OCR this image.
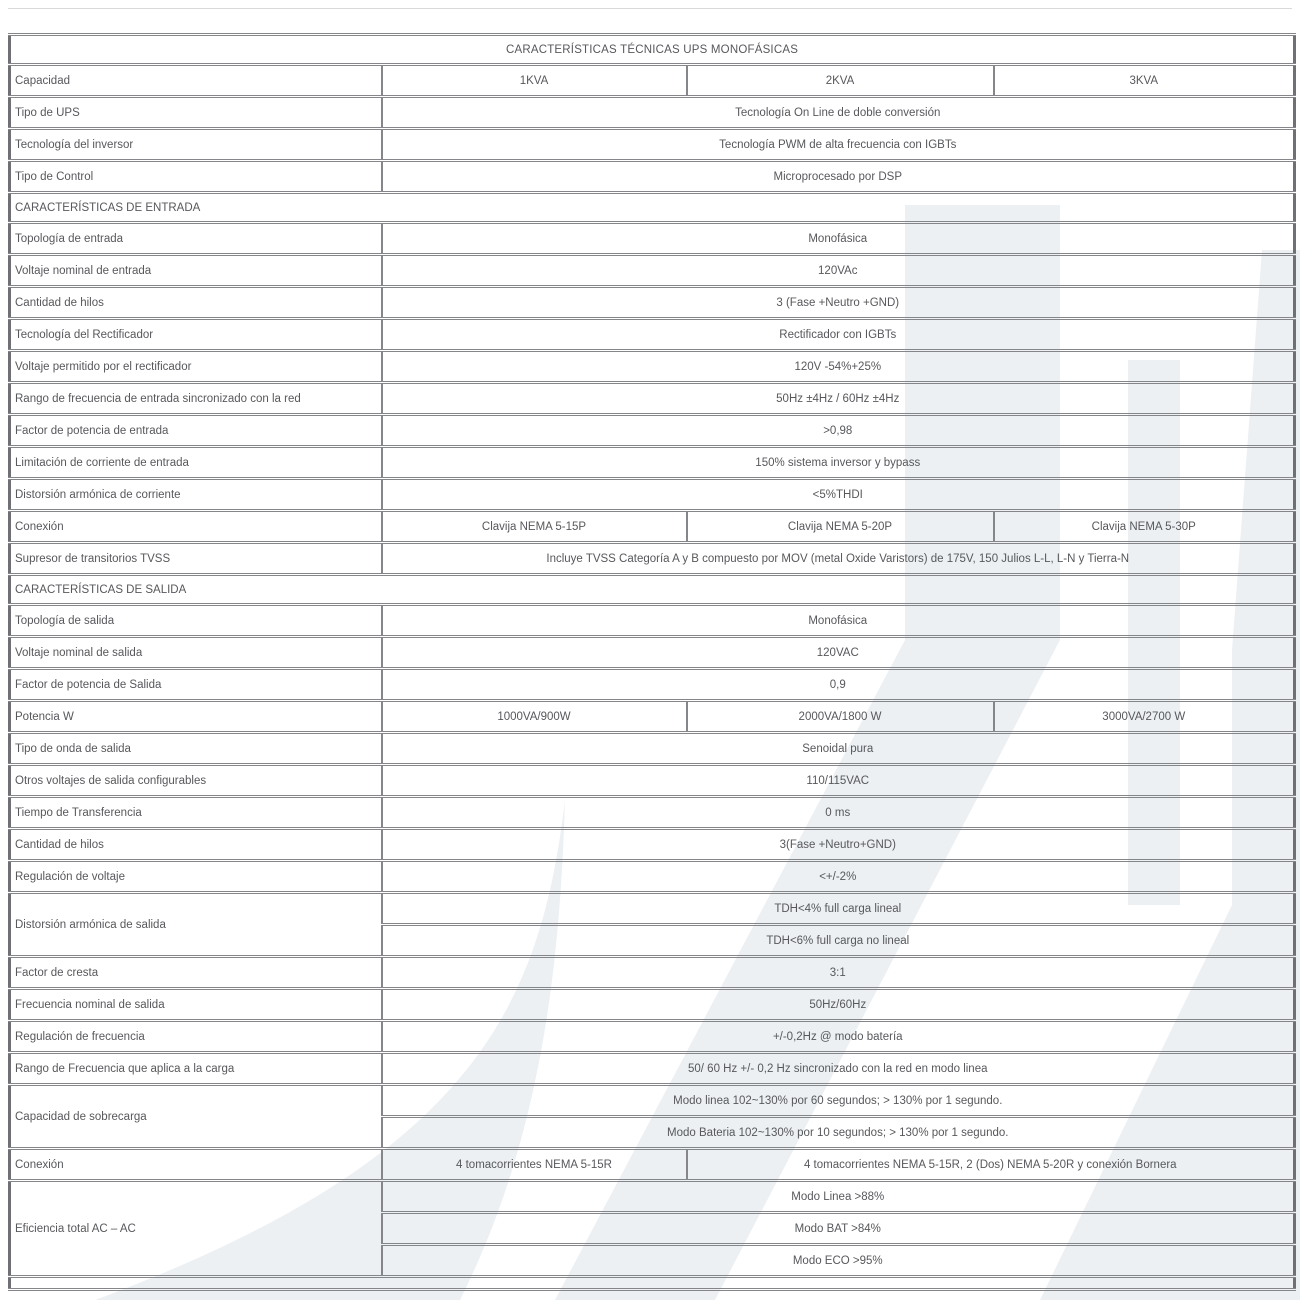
CARACTERÍSTICAS TÉCNICAS UPS MONOFÁSICAS			
Capacidad	1KVA	2KVA	3KVA
Tipo de UPS	Tecnología On Line de doble conversión		
Tecnología del inversor	Tecnología PWM de alta frecuencia con IGBTs		
Tipo de Control	Microprocesado por DSP		
CARACTERÍSTICAS DE ENTRADA			
Topología de entrada	Monofásica		
Voltaje nominal de entrada	120VAc		
Cantidad de hilos	3 (Fase +Neutro +GND)		
Tecnología del Rectificador	Rectificador con IGBTs		
Voltaje permitido por el rectificador	120V -54%+25%		
Rango de frecuencia de entrada sincronizado con la red	50Hz ±4Hz / 60Hz ±4Hz		
Factor de potencia de entrada	>0,98		
Limitación de corriente de entrada	150% sistema inversor y bypass		
Distorsión armónica de corriente	<5%THDI		
Conexión	Clavija NEMA 5-15P	Clavija NEMA 5-20P	Clavija NEMA 5-30P
Supresor de transitorios TVSS	Incluye TVSS Categoría A y B compuesto por MOV (metal Oxide Varistors) de 175V, 150 Julios L-L, L-N y Tierra-N		
CARACTERÍSTICAS DE SALIDA			
Topología de salida	Monofásica		
Voltaje nominal de salida	120VAC		
Factor de potencia de Salida	0,9		
Potencia W	1000VA/900W	2000VA/1800 W	3000VA/2700 W
Tipo de onda de salida	Senoidal pura		
Otros voltajes de salida configurables	110/115VAC		
Tiempo de Transferencia	0 ms		
Cantidad de hilos	3(Fase +Neutro+GND)		
Regulación de voltaje	<+/-2%		
Distorsión armónica de salida	TDH<4% full carga lineal		
	TDH<6% full carga no lineal		
Factor de cresta	3:1		
Frecuencia nominal de salida	50Hz/60Hz		
Regulación de frecuencia	+/-0,2Hz @ modo batería		
Rango de Frecuencia que aplica a la carga	50/ 60 Hz +/- 0,2 Hz sincronizado con la red en modo linea		
Capacidad de sobrecarga	Modo linea 102~130% por 60 segundos; > 130% por 1 segundo.		
	Modo Bateria 102~130% por 10 segundos; > 130% por 1 segundo.		
Conexión	4 tomacorrientes NEMA 5-15R	4 tomacorrientes NEMA 5-15R, 2 (Dos) NEMA 5-20R y conexión Bornera	
Eficiencia total AC – AC	Modo Linea >88%		
	Modo BAT >84%		
	Modo ECO >95%		
